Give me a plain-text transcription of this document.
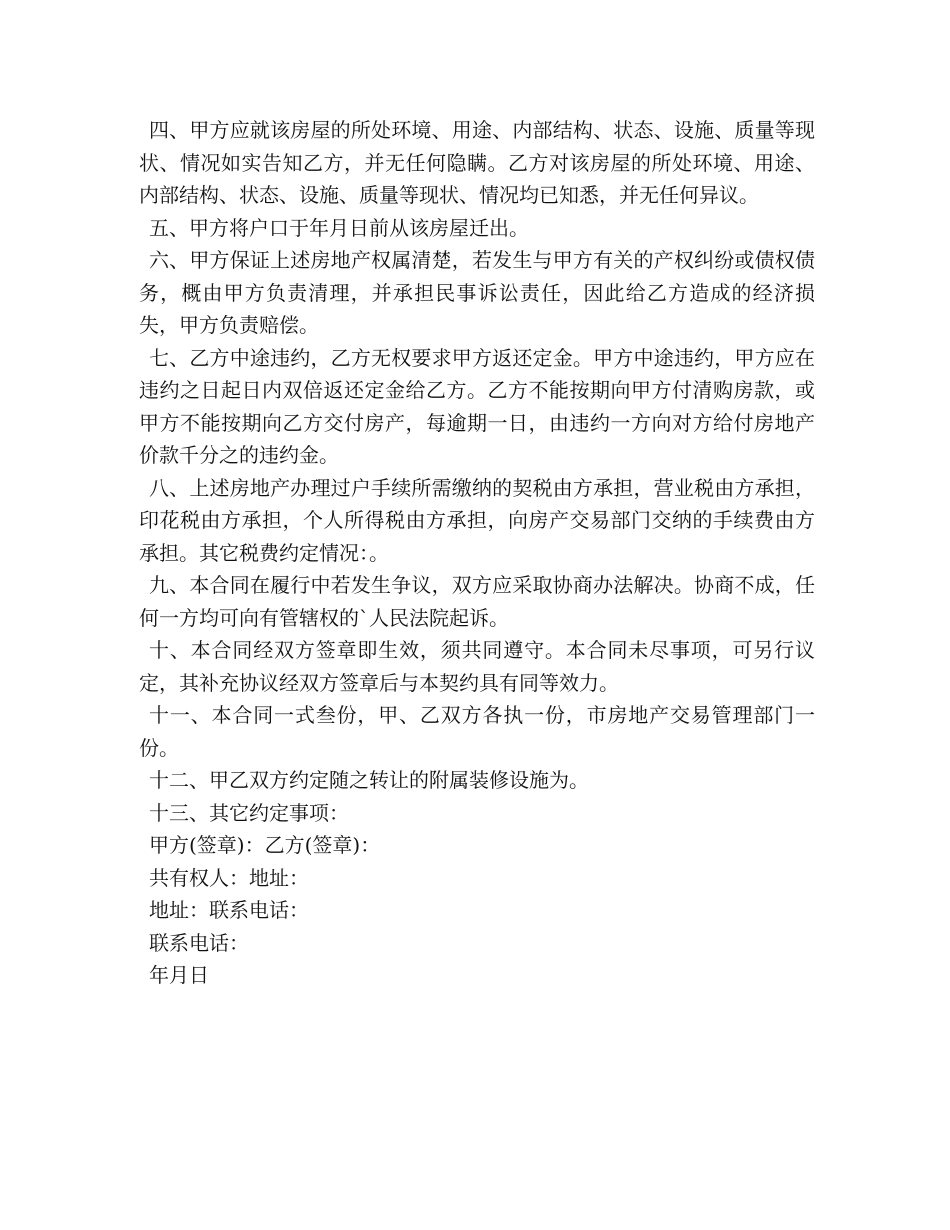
四、甲方应就该房屋的所处环境、用途、内部结构、状态、设施、质量等现状、情况如实告知乙方，并无任何隐瞒。乙方对该房屋的所处环境、用途、内部结构、状态、设施、质量等现状、情况均已知悉，并无任何异议。

五、甲方将户口于年月日前从该房屋迁出。

六、甲方保证上述房地产权属清楚，若发生与甲方有关的产权纠纷或债权债务，概由甲方负责清理，并承担民事诉讼责任，因此给乙方造成的经济损失，甲方负责赔偿。

七、乙方中途违约，乙方无权要求甲方返还定金。甲方中途违约，甲方应在违约之日起日内双倍返还定金给乙方。乙方不能按期向甲方付清购房款，或甲方不能按期向乙方交付房产，每逾期一日，由违约一方向对方给付房地产价款千分之的违约金。

八、上述房地产办理过户手续所需缴纳的契税由方承担，营业税由方承担，印花税由方承担，个人所得税由方承担，向房产交易部门交纳的手续费由方承担。其它税费约定情况：。

九、本合同在履行中若发生争议，双方应采取协商办法解决。协商不成，任何一方均可向有管辖权的`人民法院起诉。

十、本合同经双方签章即生效，须共同遵守。本合同未尽事项，可另行议定，其补充协议经双方签章后与本契约具有同等效力。

十一、本合同一式叁份，甲、乙双方各执一份，市房地产交易管理部门一份。

十二、甲乙双方约定随之转让的附属装修设施为。

十三、其它约定事项：

甲方(签章)：乙方(签章)：

共有权人：地址：

地址：联系电话：

联系电话：

年月日
